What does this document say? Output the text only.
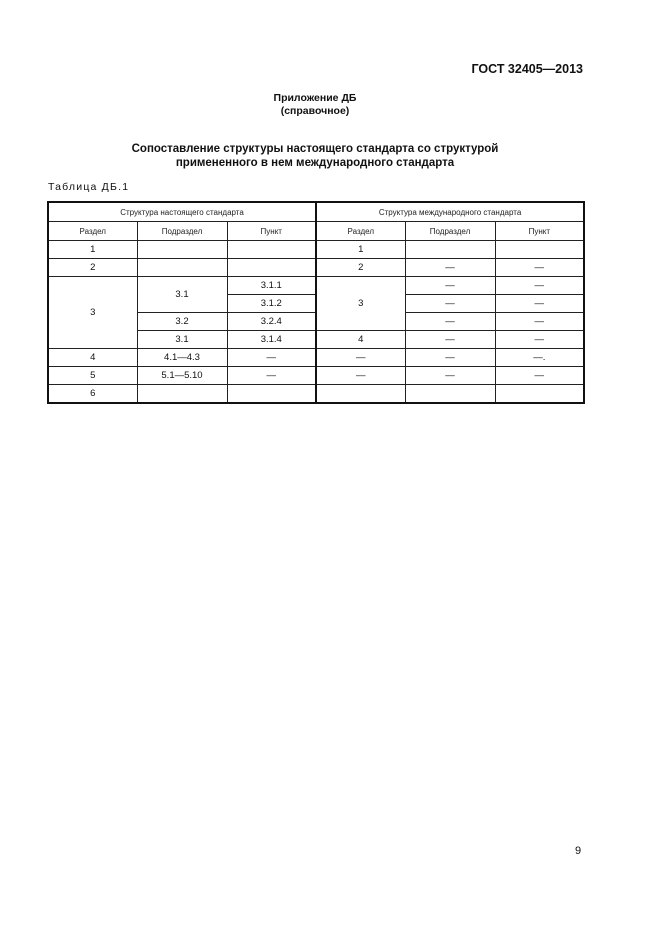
ГОСТ 32405—2013
Приложение ДБ
(справочное)
Сопоставление структуры настоящего стандарта со структурой
примененного в нем международного стандарта
Таблица ДБ.1
Структура настоящего стандарта			Структура международного стандарта		
Раздел	Подраздел	Пункт	Раздел	Подраздел	Пункт
1			1		
2			2	—	—
3	3.1	3.1.1	3	—	—
		3.1.2		—	—
	3.2	3.2.4		—	—
	3.1	3.1.4	4	—	—
4	4.1—4.3	—	—	—	—.
5	5.1—5.10	—	—	—	—
6					
9
